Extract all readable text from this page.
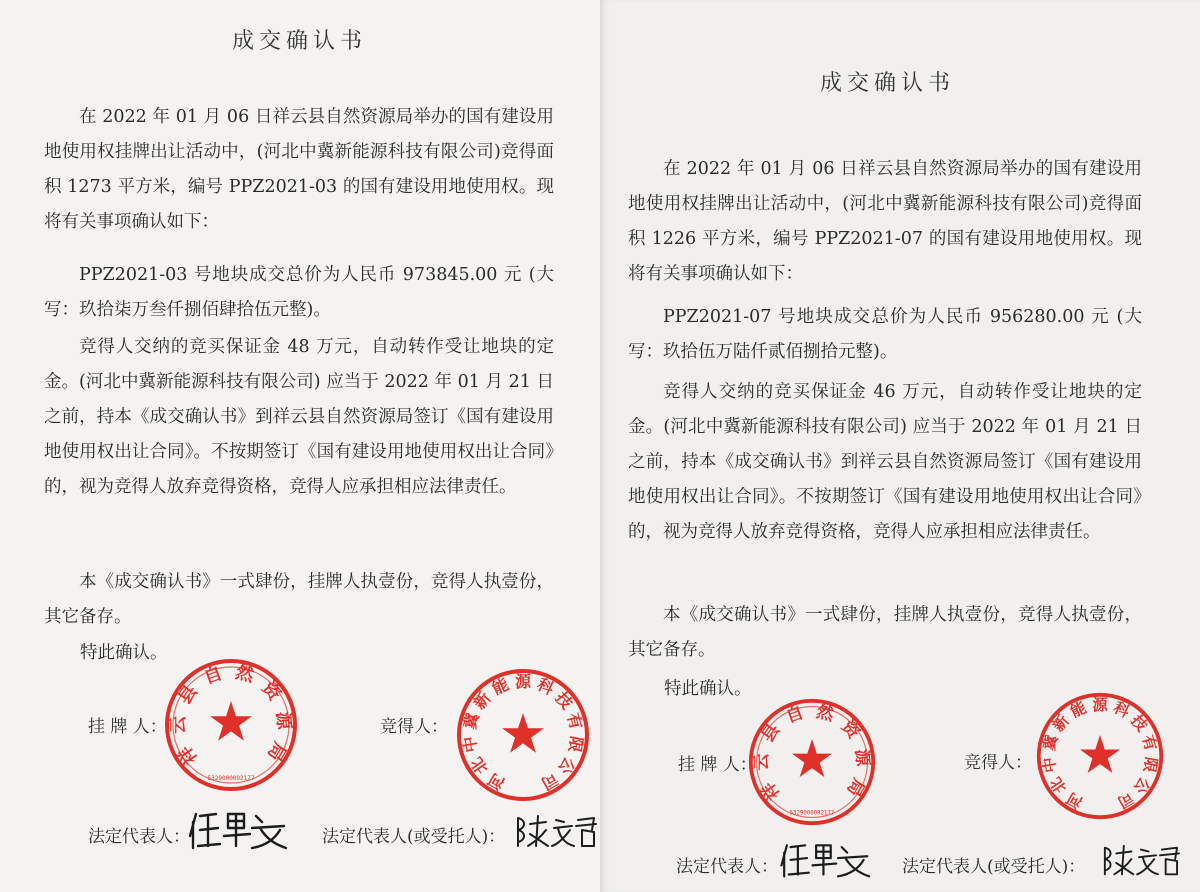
成交确认书

在 2022 年 01 月 06 日祥云县自然资源局举办的国有建设用地使用权挂牌出让活动中，(河北中冀新能源科技有限公司)竞得面积 1273 平方米，编号 PPZ2021-03 的国有建设用地使用权。现将有关事项确认如下：

PPZ2021-03 号地块成交总价为人民币 973845.00 元 (大写：玖拾柒万叁仟捌佰肆拾伍元整)。

竞得人交纳的竞买保证金 48 万元，自动转作受让地块的定金。(河北中冀新能源科技有限公司) 应当于 2022 年 01 月 21 日之前，持本《成交确认书》到祥云县自然资源局签订《国有建设用地使用权出让合同》。不按期签订《国有建设用地使用权出让合同》的，视为竞得人放弃竞得资格，竞得人应承担相应法律责任。

本《成交确认书》一式肆份，挂牌人执壹份，竞得人执壹份，其它备存。

特此确认。
挂 牌 人：	竞得人：
法定代表人：	法定代表人(或受托人)：
祥
云
县
自 然
资
源
局
5329000092177	河
北
中
冀
新
能 源 科
技
有
限
公
司
成交确认书

在 2022 年 01 月 06 日祥云县自然资源局举办的国有建设用地使用权挂牌出让活动中，(河北中冀新能源科技有限公司)竞得面积 1226 平方米，编号 PPZ2021-07 的国有建设用地使用权。现将有关事项确认如下：

PPZ2021-07 号地块成交总价为人民币 956280.00 元 (大写：玖拾伍万陆仟贰佰捌拾元整)。

竞得人交纳的竞买保证金 46 万元，自动转作受让地块的定金。(河北中冀新能源科技有限公司) 应当于 2022 年 01 月 21 日之前，持本《成交确认书》到祥云县自然资源局签订《国有建设用地使用权出让合同》。不按期签订《国有建设用地使用权出让合同》的，视为竞得人放弃竞得资格，竞得人应承担相应法律责任。

本《成交确认书》一式肆份，挂牌人执壹份，竞得人执壹份，其它备存。

特此确认。
挂 牌 人：	竞得人：
法定代表人：	法定代表人(或受托人)：
祥
云
县
自 然
资
源
局
5329000092177
河
北
中
冀
新
能 源 科
技
有
限
公
司
